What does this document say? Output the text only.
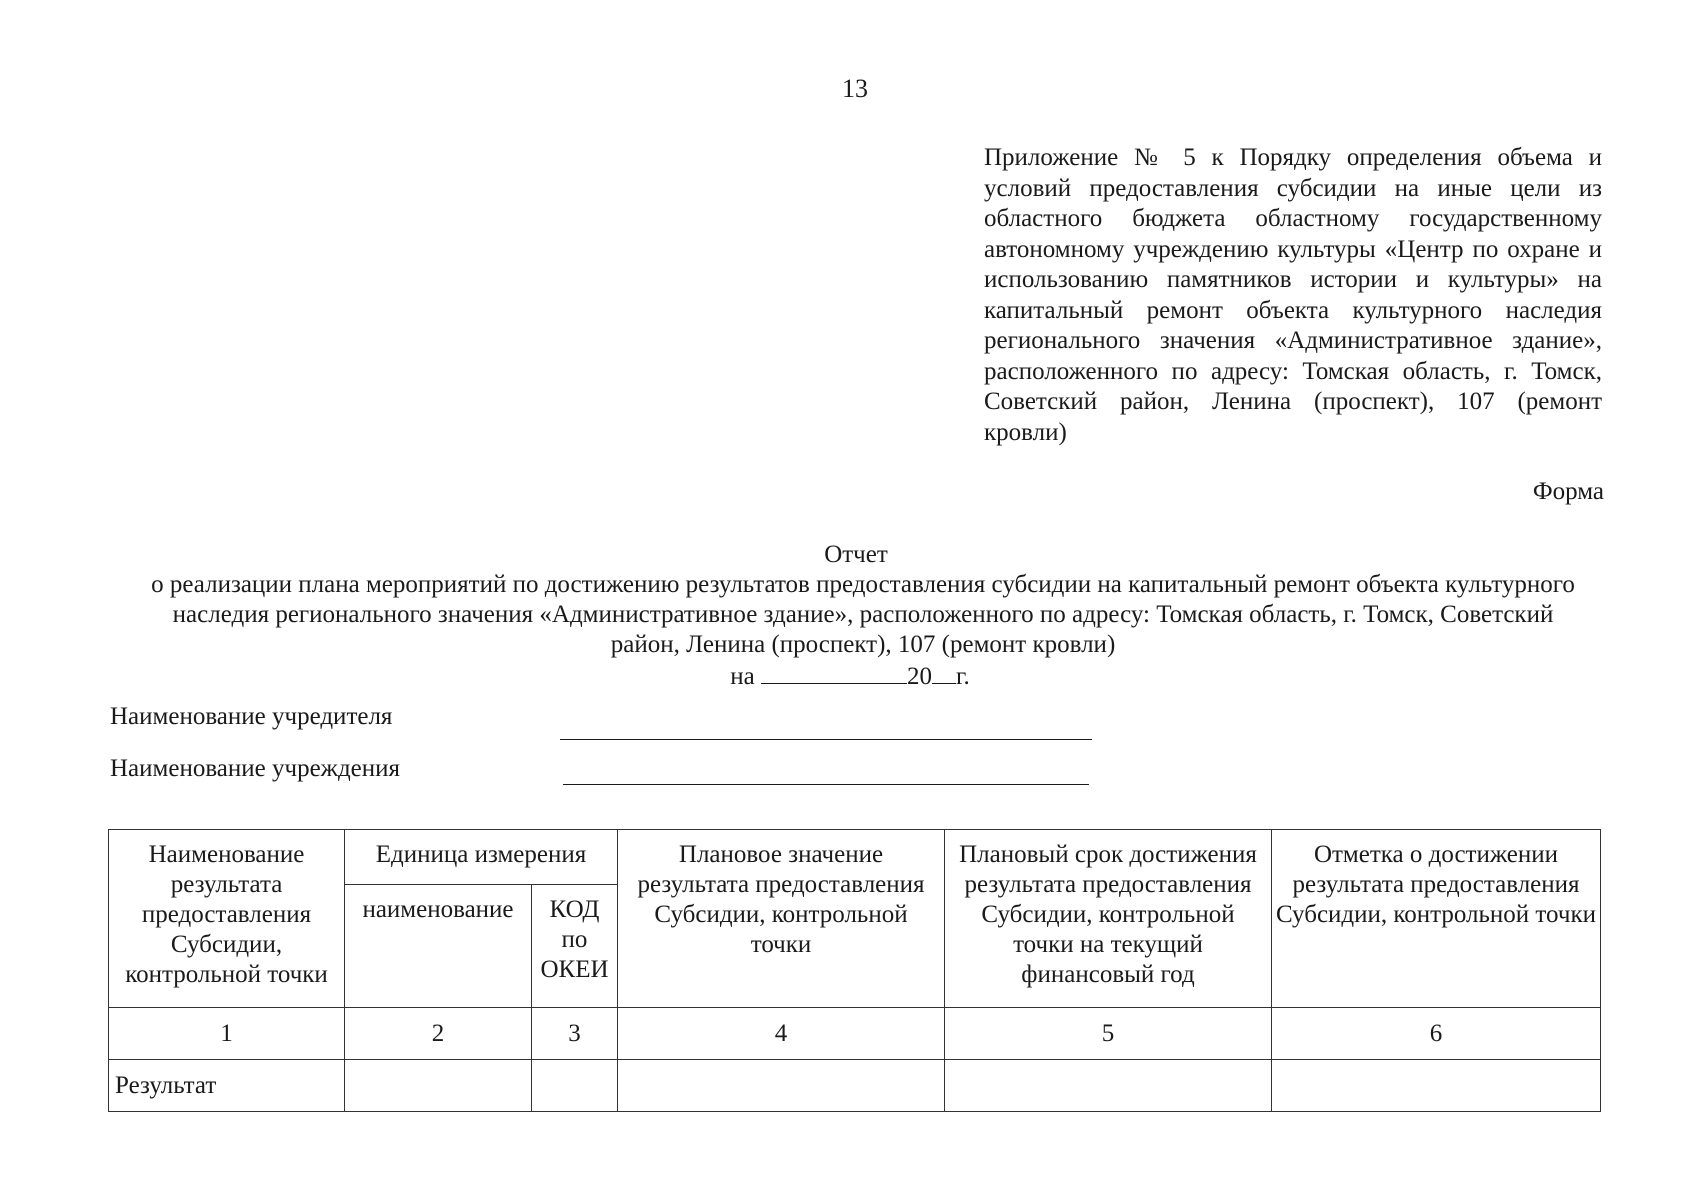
13
Приложение № 5 к Порядку определения объема и условий предоставления субсидии на иные цели из областного бюджета областному государственному автономному учреждению культуры «Центр по охране и использованию памятников истории и культуры» на капитальный ремонт объекта культурного наследия регионального значения «Административное здание», расположенного по адресу: Томская область, г. Томск, Советский район, Ленина (проспект), 107 (ремонт кровли)
Форма
Отчет
о реализации плана мероприятий по достижению результатов предоставления субсидии на капитальный ремонт объекта культурного наследия регионального значения «Административное здание», расположенного по адресу: Томская область, г. Томск, Советский район, Ленина (проспект), 107 (ремонт кровли)
на	20 г.
Наименование учредителя
Наименование учреждения
Наименование результата предоставления Субсидии, контрольной точки	Единица измерения		Плановое значение результата предоставления Субсидии, контрольной точки	Плановый срок достижения результата предоставления Субсидии, контрольной точки на текущий финансовый год	Отметка о достижении результата предоставления Субсидии, контрольной точки
	наименование	КОД
по
ОКЕИ			

1	2	3	4	5	6
Результат					
